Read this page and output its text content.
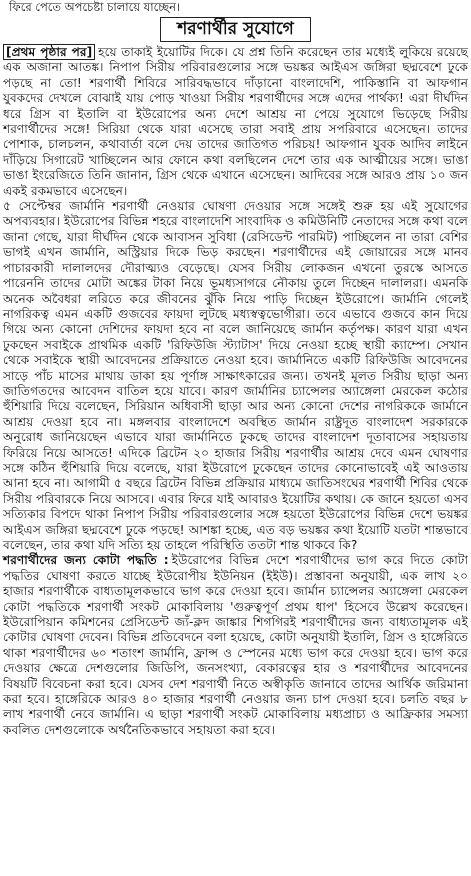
ফিরে পেতে অপচেষ্টা চালায়ে যাচ্ছেন।
শরণার্থীর সুযোগে

[প্রথম পৃষ্ঠার পর] হয়ে তাকাই ইয়োটির দিকে। যে প্রশ্ন তিনি করেছেন তার মধ্যেই লুকিয়ে রয়েছে এক অজানা আতঙ্ক। নিপাপ সিরীয় পরিবারগুলোর সঙ্গে ভয়ঙ্কর আইএস জঙ্গিরা ছদ্মবেশে ঢুকে পড়ছে না তো! শরণার্থী শিবিরে সারিবদ্ধভাবে দাঁড়ানো বাংলাদেশি, পাকিস্তানি বা আফগান যুবকদের দেখলে বোঝাই যায় পোড় খাওয়া সিরীয় শরণার্থীদের সঙ্গে এদের পার্থক্য! এরা দীর্ঘদিন ধরে গ্রিস বা ইতালি বা ইউরোপের অন্য দেশে আশ্রয় না পেয়ে সুযোগে ভিড়েছে সিরীয় শরণার্থীদের সঙ্গে! সিরিয়া থেকে যারা এসেছে তারা সবাই প্রায় সপরিবারে এসেছেন। তাদের পোশাক, চালচলন, কথাবার্তা বলে দেয় তাদের জাতিগত পরিচয়! আফগান যুবক আদিব লাইনে দাঁড়িয়ে সিগারেট খাচ্ছিলেন আর ফোনে কথা বলছিলেন দেশে তার এক আত্মীয়ের সঙ্গে। ভাঙা ভাঙা ইংরেজিতে তিনি জানান, গ্রিস থেকে এখানে এসেছেন। আদিবের সঙ্গে আরও প্রায় ১০ জন একই রকমভাবে এসেছেন।

৫ সেপ্টেম্বর জার্মানি শরণার্থী নেওয়ার ঘোষণা দেওয়ার সঙ্গে সঙ্গেই শুরু হয় এই সুযোগের অপব্যবহার। ইউরোপের বিভিন্ন শহরে বাংলাদেশি সাংবাদিক ও কমিউনিটি নেতাদের সঙ্গে কথা বলে জানা গেছে, যারা দীর্ঘদিন থেকে আবাসন সুবিধা (রেসিডেন্ট পারমিট) পাচ্ছিলেন না তারা বেশির ভাগই এখন জার্মানি, অস্ট্রিয়ার দিকে ভিড় করছেন। শরণার্থীদের এই জোয়ারের সঙ্গে মানব পাচারকারী দালালদের দৌরাত্ম্যও বেড়েছে। যেসব সিরীয় লোকজন এখনো তুরস্কে আসতে পারেননি তাদের মোটা অঙ্কের টাকা নিয়ে ভূমধ্যসাগরে নৌকায় তুলে দিচ্ছেন দালালরা। এমনকি অনেক অবৈধরা লরিতে করে জীবনের ঝুঁকি নিয়ে পাড়ি দিচ্ছেন ইউরোপে। জার্মানি গেলেই নাগরিকত্ব এমন একটি গুজবের ফায়দা লুটছে মধ্যস্বত্বভোগীরা। তবে এভাবে গুজবে কান দিয়ে গিয়ে অন্য কোনো দেশিদের ফায়দা হবে না বলে জানিয়েছে জার্মান কর্তৃপক্ষ। কারণ যারা এখন ঢুকছেন সবাইকে প্রাথমিক একটি 'রিফিউজি স্ট্যাটাস' দিয়ে নেওয়া হচ্ছে স্থায়ী ক্যাম্পে। সেখান থেকে সবাইকে স্থায়ী আবেদনের প্রক্রিয়াতে নেওয়া হবে। জার্মানিতে একটি রিফিউজি আবেদনের সাড়ে পাঁচ মাসের মাথায় ডাকা হয় পূর্ণাঙ্গ সাক্ষাৎকারের জন্য। তখনই মূলত সিরীয় ছাড়া অন্য জাতিগতদের আবেদন বাতিল হয়ে যাবে। কারণ জার্মানির চ্যান্সেলর অ্যাঙ্গেলা মেরকেল কঠোর হুঁশিয়ারি দিয়ে বলেছেন, সিরিয়ান অধিবাসী ছাড়া আর অন্য কোনো দেশের নাগরিককে জার্মানে আশ্রয় দেওয়া হবে না। মঙ্গলবার বাংলাদেশে অবস্থিত জার্মান রাষ্ট্রদূত বাংলাদেশ সরকারকে অনুরোধ জানিয়েছেন এভাবে যারা জার্মানিতে ঢুকছে তাদের বাংলাদেশ দূতাবাসের সহায়তায় ফিরিয়ে নিয়ে আসতে! এদিকে ব্রিটেন ২০ হাজার সিরীয় শরণার্থীর আশ্রয় দেবে এমন ঘোষণার সঙ্গে কঠিন হুঁশিয়ারি দিয়ে বলেছে, যারা ইউরোপে ঢুকেছেন তাদের কোনোভাবেই এই আওতায় আনা হবে না। আগামী ৫ বছরে ব্রিটেন বিভিন্ন প্রক্রিয়ার মাধ্যমে জাতিসংঘের শরণার্থী শিবির থেকে সিরীয় পরিবারকে নিয়ে আসবে। এবার ফিরে যাই আবারও ইয়োটির কথায়। কে জানে হয়তো এসব সত্যিকার বিপদে থাকা নিপাপ সিরীয় পরিবারগুলোর সঙ্গে হয়তো ইউরোপের বিভিন্ন দেশে ভয়ঙ্কর আইএস জঙ্গিরা ছদ্মবেশে ঢুকে পড়ছে! আশঙ্কা হচ্ছে, এত বড় ভয়ঙ্কর কথা ইয়োটি যতটা শান্তভাবে বলেছেন, তার কথা যদি সত্যি হয় তাহলে পরিস্থিতি ততটা শান্ত থাকবে কি?

শরণার্থীদের জন্য কোটা পদ্ধতি : ইউরোপের বিভিন্ন দেশে শরণার্থীদের ভাগ করে দিতে কোটা পদ্ধতির ঘোষণা করতে যাচ্ছে ইউরোপীয় ইউনিয়ন (ইইউ)। প্রস্তাবনা অনুযায়ী, এক লাখ ২০ হাজার শরণার্থীকে বাধ্যতামূলকভাবে ভাগ করে দেওয়া হবে। জার্মান চ্যান্সেলর অ্যাঙ্গেলা মেরকেল কোটা পদ্ধতিকে শরণার্থী সংকট মোকাবিলায় 'গুরুত্বপূর্ণ প্রথম ধাপ' হিসেবে উল্লেখ করেছেন। ইউরোপিয়ান কমিশনের প্রেসিডেন্ট জ্যঁ-ক্লদ জাঙ্কার শিগগিরই শরণার্থীদের জন্য বাধ্যতামূলক এই কোটার ঘোষণা দেবেন। বিভিন্ন প্রতিবেদনে বলা হয়েছে, কোটা অনুযায়ী ইতালি, গ্রিস ও হাঙ্গেরিতে থাকা শরণার্থীদের ৬০ শতাংশ জার্মানি, ফ্রান্স ও স্পেনের মধ্যে ভাগ করে দেওয়া হবে। ভাগ করে দেওয়ার ক্ষেত্রে দেশগুলোর জিডিপি, জনসংখ্যা, বেকারত্বের হার ও শরণার্থীদের আবেদনের বিষয়টি বিবেচনা করা হবে। যেসব দেশ শরণার্থী নিতে অস্বীকৃতি জানাবে তাদের আর্থিক জরিমানা করা হবে। হাঙ্গেরিকে আরও ৪০ হাজার শরণার্থী নেওয়ার জন্য চাপ দেওয়া হবে। চলতি বছর ৮ লাখ শরণার্থী নেবে জার্মানি। এ ছাড়া শরণার্থী সংকট মোকাবিলায় মধ্যপ্রাচ্য ও আফ্রিকার সমস্যা কবলিত দেশগুলোকে অর্থনৈতিকভাবে সহায়তা করা হবে।
